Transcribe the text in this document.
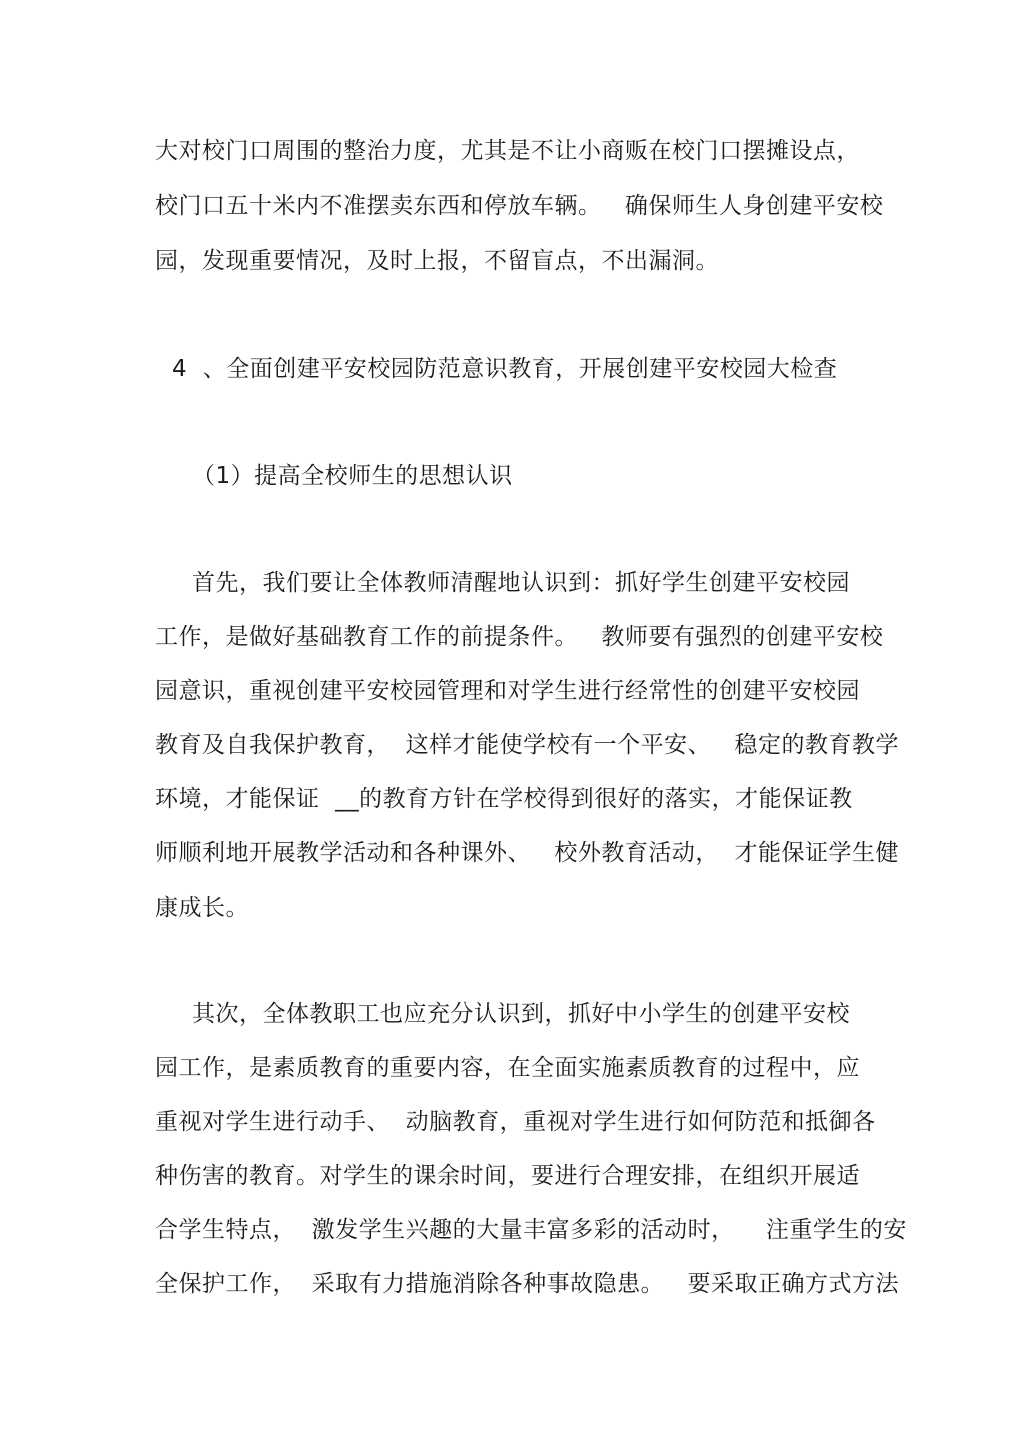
大对校门口周围的整治力度，尤其是不让小商贩在校门口摆摊设点，
校门口五十米内不准摆卖东西和停放车辆。   确保师生人身创建平安校
园，发现重要情况，及时上报，不留盲点，不出漏洞。
4  、全面创建平安校园防范意识教育，开展创建平安校园大检查
（1）提高全校师生的思想认识
首先，我们要让全体教师清醒地认识到：抓好学生创建平安校园
工作，是做好基础教育工作的前提条件。   教师要有强烈的创建平安校
园意识，重视创建平安校园管理和对学生进行经常性的创建平安校园
教育及自我保护教育，  这样才能使学校有一个平安、   稳定的教育教学
环境，才能保证  __的教育方针在学校得到很好的落实，才能保证教
师顺利地开展教学活动和各种课外、   校外教育活动，  才能保证学生健
康成长。
其次，全体教职工也应充分认识到，抓好中小学生的创建平安校
园工作，是素质教育的重要内容，在全面实施素质教育的过程中，应
重视对学生进行动手、  动脑教育，重视对学生进行如何防范和抵御各
种伤害的教育。对学生的课余时间，要进行合理安排，在组织开展适
合学生特点，  激发学生兴趣的大量丰富多彩的活动时，    注重学生的安
全保护工作，  采取有力措施消除各种事故隐患。   要采取正确方式方法
